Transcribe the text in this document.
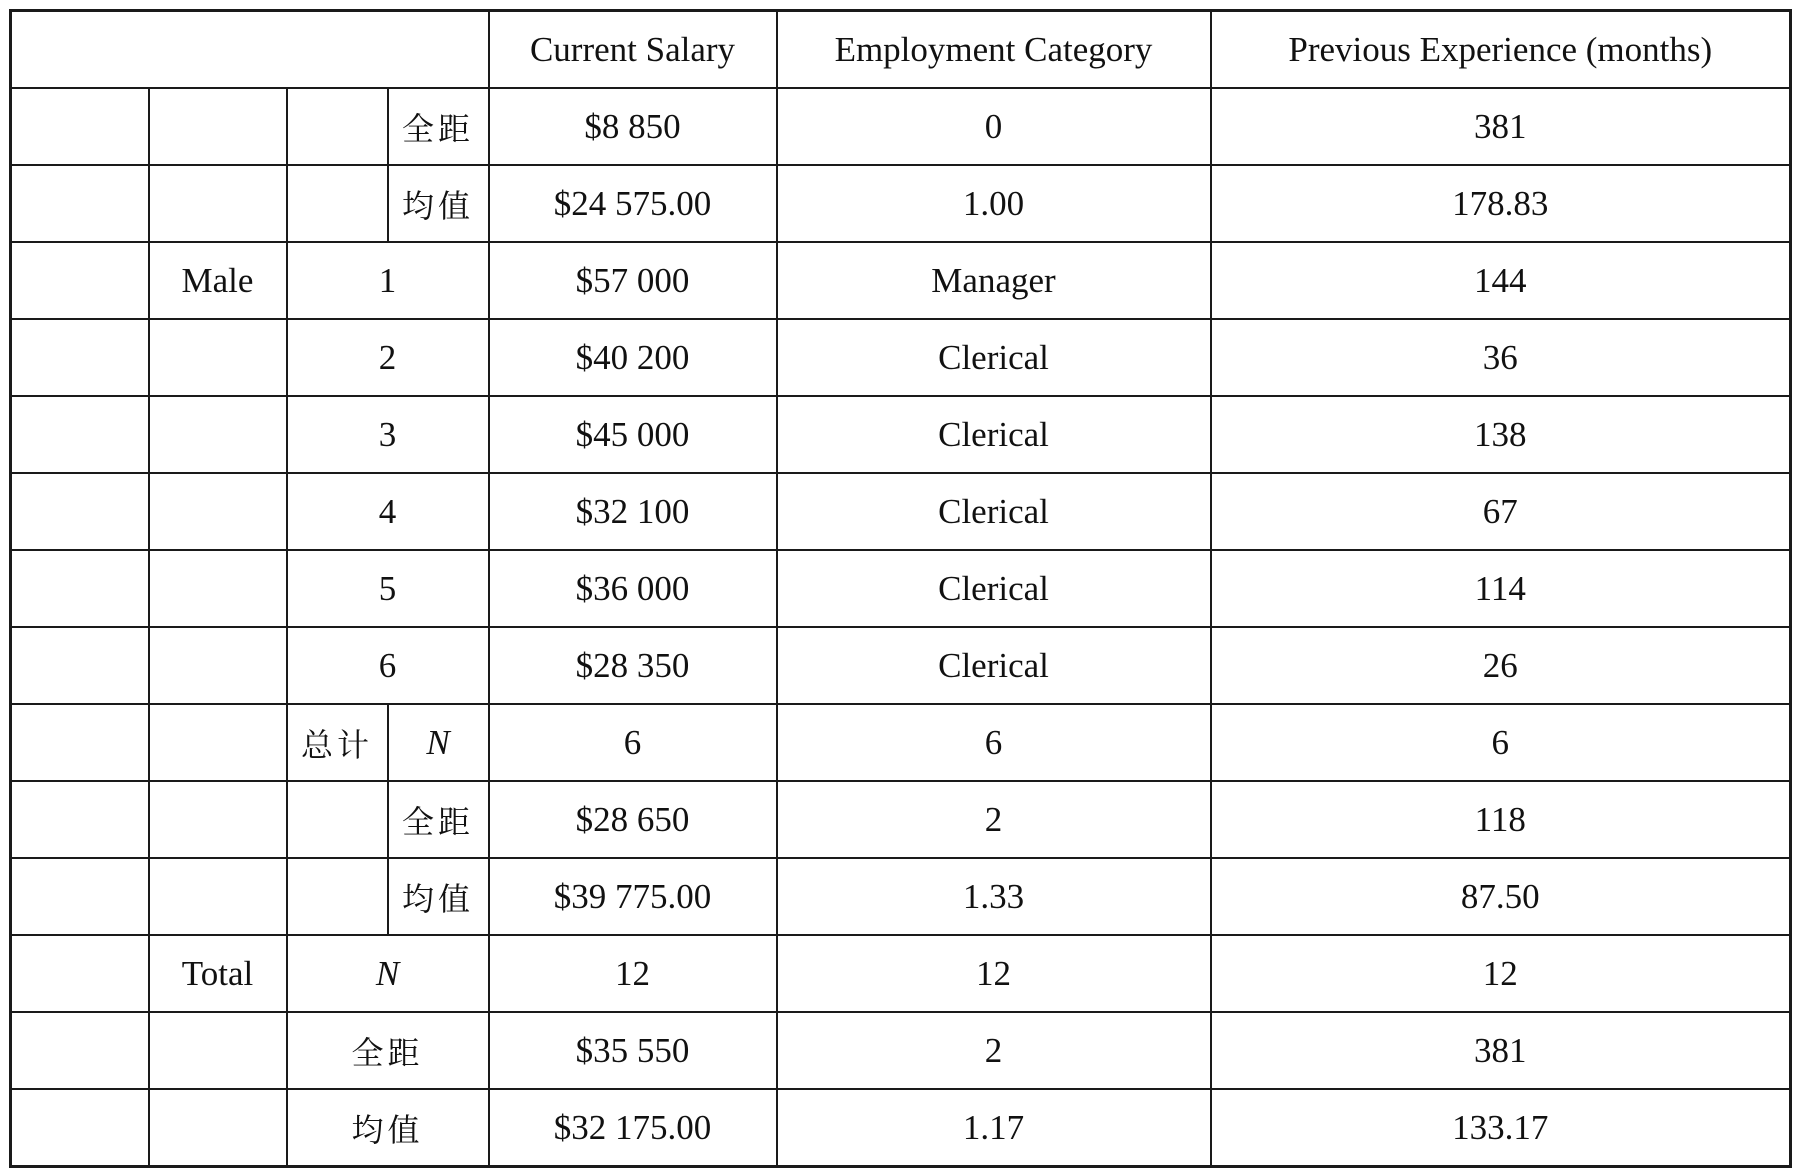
				Current Salary	Employment Category	Previous Experience (months)
			全距	$8 850	0	381
			均值	$24 575.00	1.00	178.83
	Male	1		$57 000	Manager	144
		2		$40 200	Clerical	36
		3		$45 000	Clerical	138
		4		$32 100	Clerical	67
		5		$36 000	Clerical	114
		6		$28 350	Clerical	26
		总计	N	6	6	6
			全距	$28 650	2	118
			均值	$39 775.00	1.33	87.50
	Total	N		12	12	12
		全距		$35 550	2	381
		均值		$32 175.00	1.17	133.17
